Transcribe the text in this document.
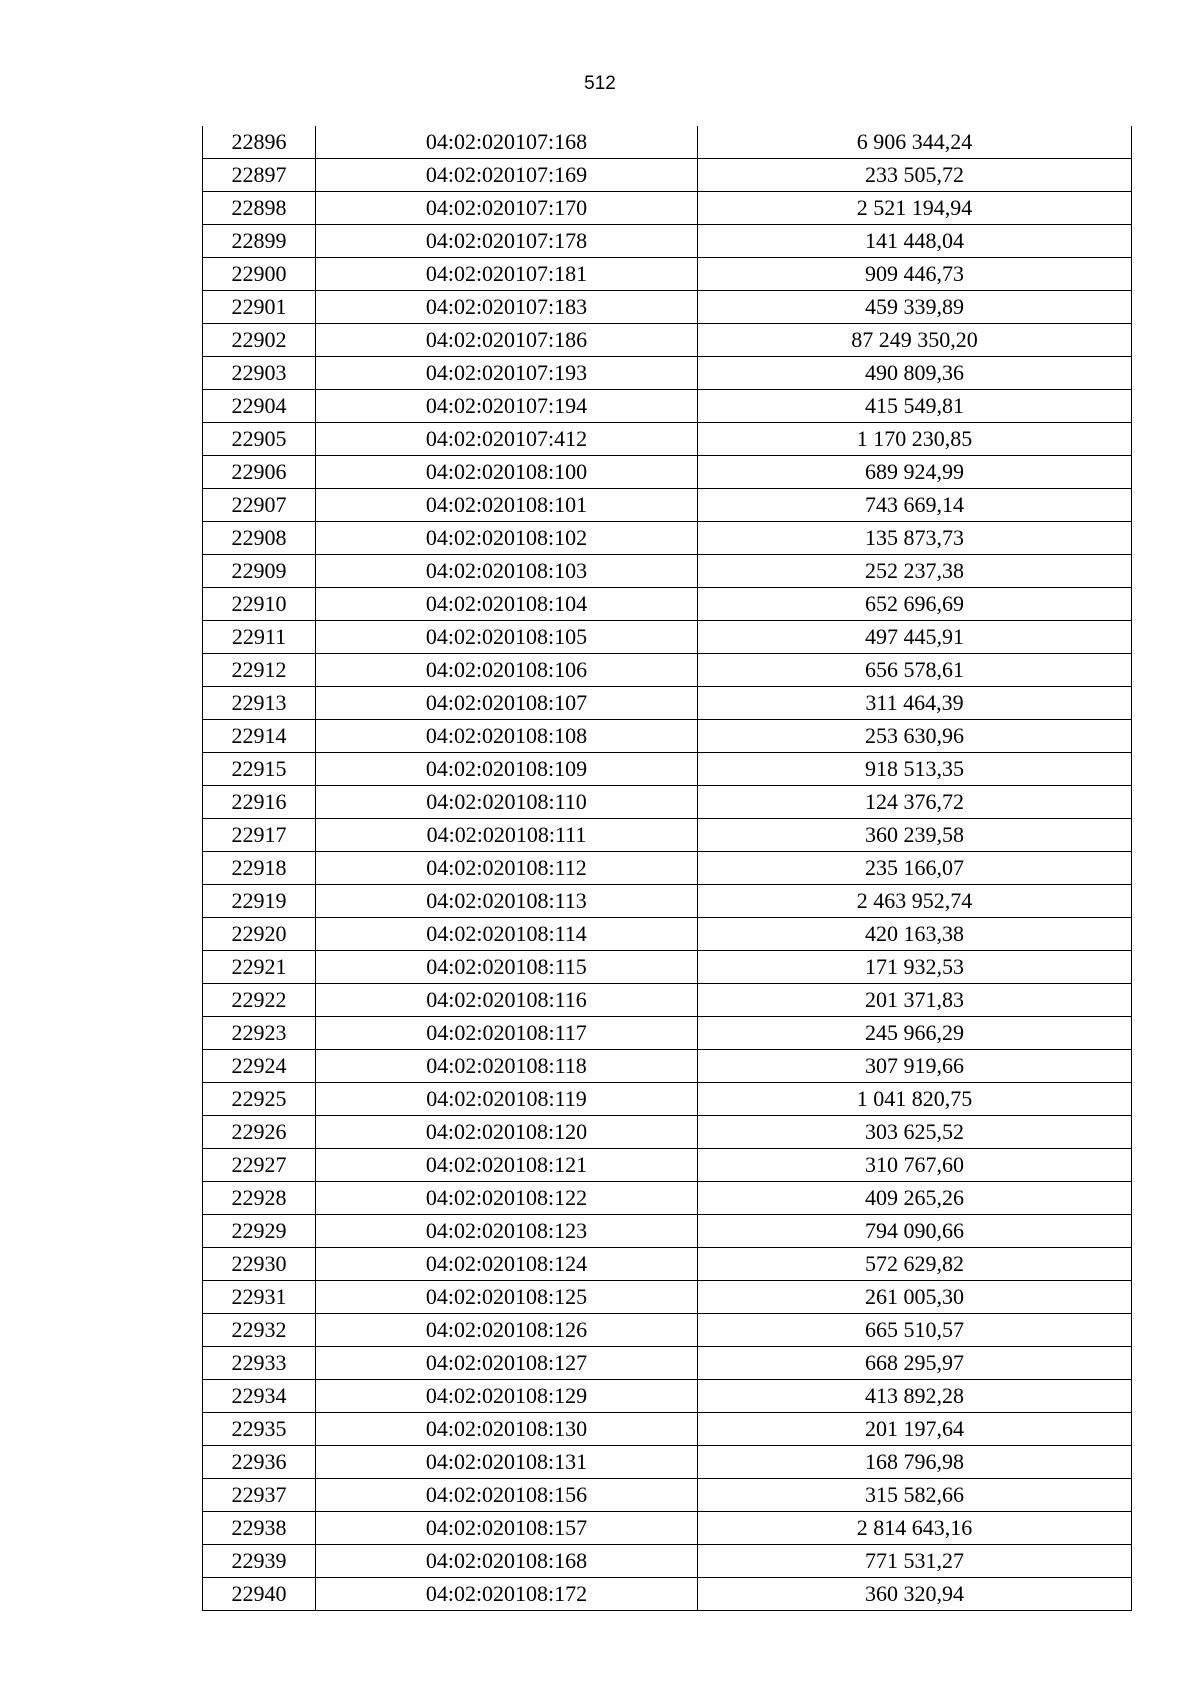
512
22896	04:02:020107:168	6 906 344,24
22897	04:02:020107:169	233 505,72
22898	04:02:020107:170	2 521 194,94
22899	04:02:020107:178	141 448,04
22900	04:02:020107:181	909 446,73
22901	04:02:020107:183	459 339,89
22902	04:02:020107:186	87 249 350,20
22903	04:02:020107:193	490 809,36
22904	04:02:020107:194	415 549,81
22905	04:02:020107:412	1 170 230,85
22906	04:02:020108:100	689 924,99
22907	04:02:020108:101	743 669,14
22908	04:02:020108:102	135 873,73
22909	04:02:020108:103	252 237,38
22910	04:02:020108:104	652 696,69
22911	04:02:020108:105	497 445,91
22912	04:02:020108:106	656 578,61
22913	04:02:020108:107	311 464,39
22914	04:02:020108:108	253 630,96
22915	04:02:020108:109	918 513,35
22916	04:02:020108:110	124 376,72
22917	04:02:020108:111	360 239,58
22918	04:02:020108:112	235 166,07
22919	04:02:020108:113	2 463 952,74
22920	04:02:020108:114	420 163,38
22921	04:02:020108:115	171 932,53
22922	04:02:020108:116	201 371,83
22923	04:02:020108:117	245 966,29
22924	04:02:020108:118	307 919,66
22925	04:02:020108:119	1 041 820,75
22926	04:02:020108:120	303 625,52
22927	04:02:020108:121	310 767,60
22928	04:02:020108:122	409 265,26
22929	04:02:020108:123	794 090,66
22930	04:02:020108:124	572 629,82
22931	04:02:020108:125	261 005,30
22932	04:02:020108:126	665 510,57
22933	04:02:020108:127	668 295,97
22934	04:02:020108:129	413 892,28
22935	04:02:020108:130	201 197,64
22936	04:02:020108:131	168 796,98
22937	04:02:020108:156	315 582,66
22938	04:02:020108:157	2 814 643,16
22939	04:02:020108:168	771 531,27
22940	04:02:020108:172	360 320,94
